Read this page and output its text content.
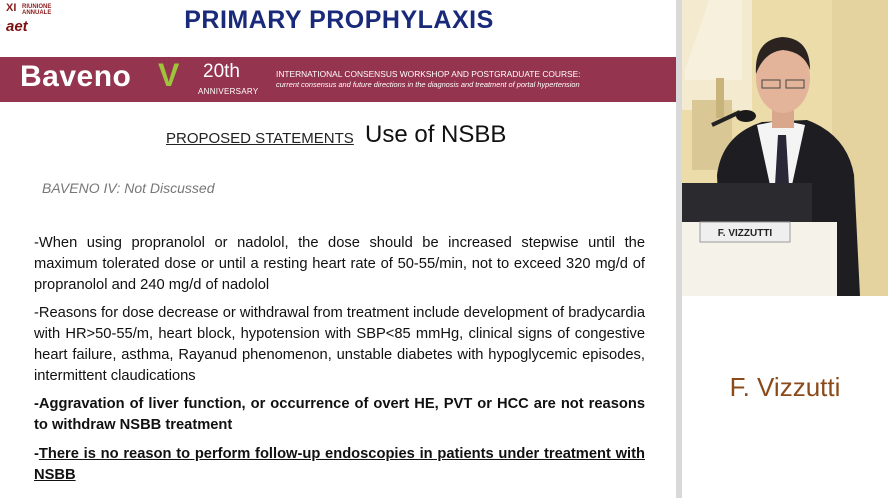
XI RIUNIONE
ANNUALE
aet	PRIMARY PROPHYLAXIS
Baveno V 20th
ANNIVERSARY
INTERNATIONAL CONSENSUS WORKSHOP AND POSTGRADUATE COURSE:
current consensus and future directions in the diagnosis and treatment of portal hypertension
PROPOSED STATEMENTS Use of NSBB
BAVENO IV: Not Discussed
-When using propranolol or nadolol, the dose should be increased stepwise until the maximum tolerated dose or until a resting heart rate of 50-55/min, not to exceed 320 mg/d of propranolol and 240 mg/d of nadolol
-Reasons for dose decrease or withdrawal from treatment include development of bradycardia with HR>50-55/m, heart block, hypotension with SBP<85 mmHg, clinical signs of congestive heart failure, asthma, Rayanud phenomenon, unstable diabetes with hypoglycemic episodes, intermittent claudications
-Aggravation of liver function, or occurrence of overt HE, PVT or HCC are not reasons to withdraw NSBB treatment
-There is no reason to perform follow-up endoscopies in patients under treatment with NSBB
F. VIZZUTTI
F. Vizzutti
